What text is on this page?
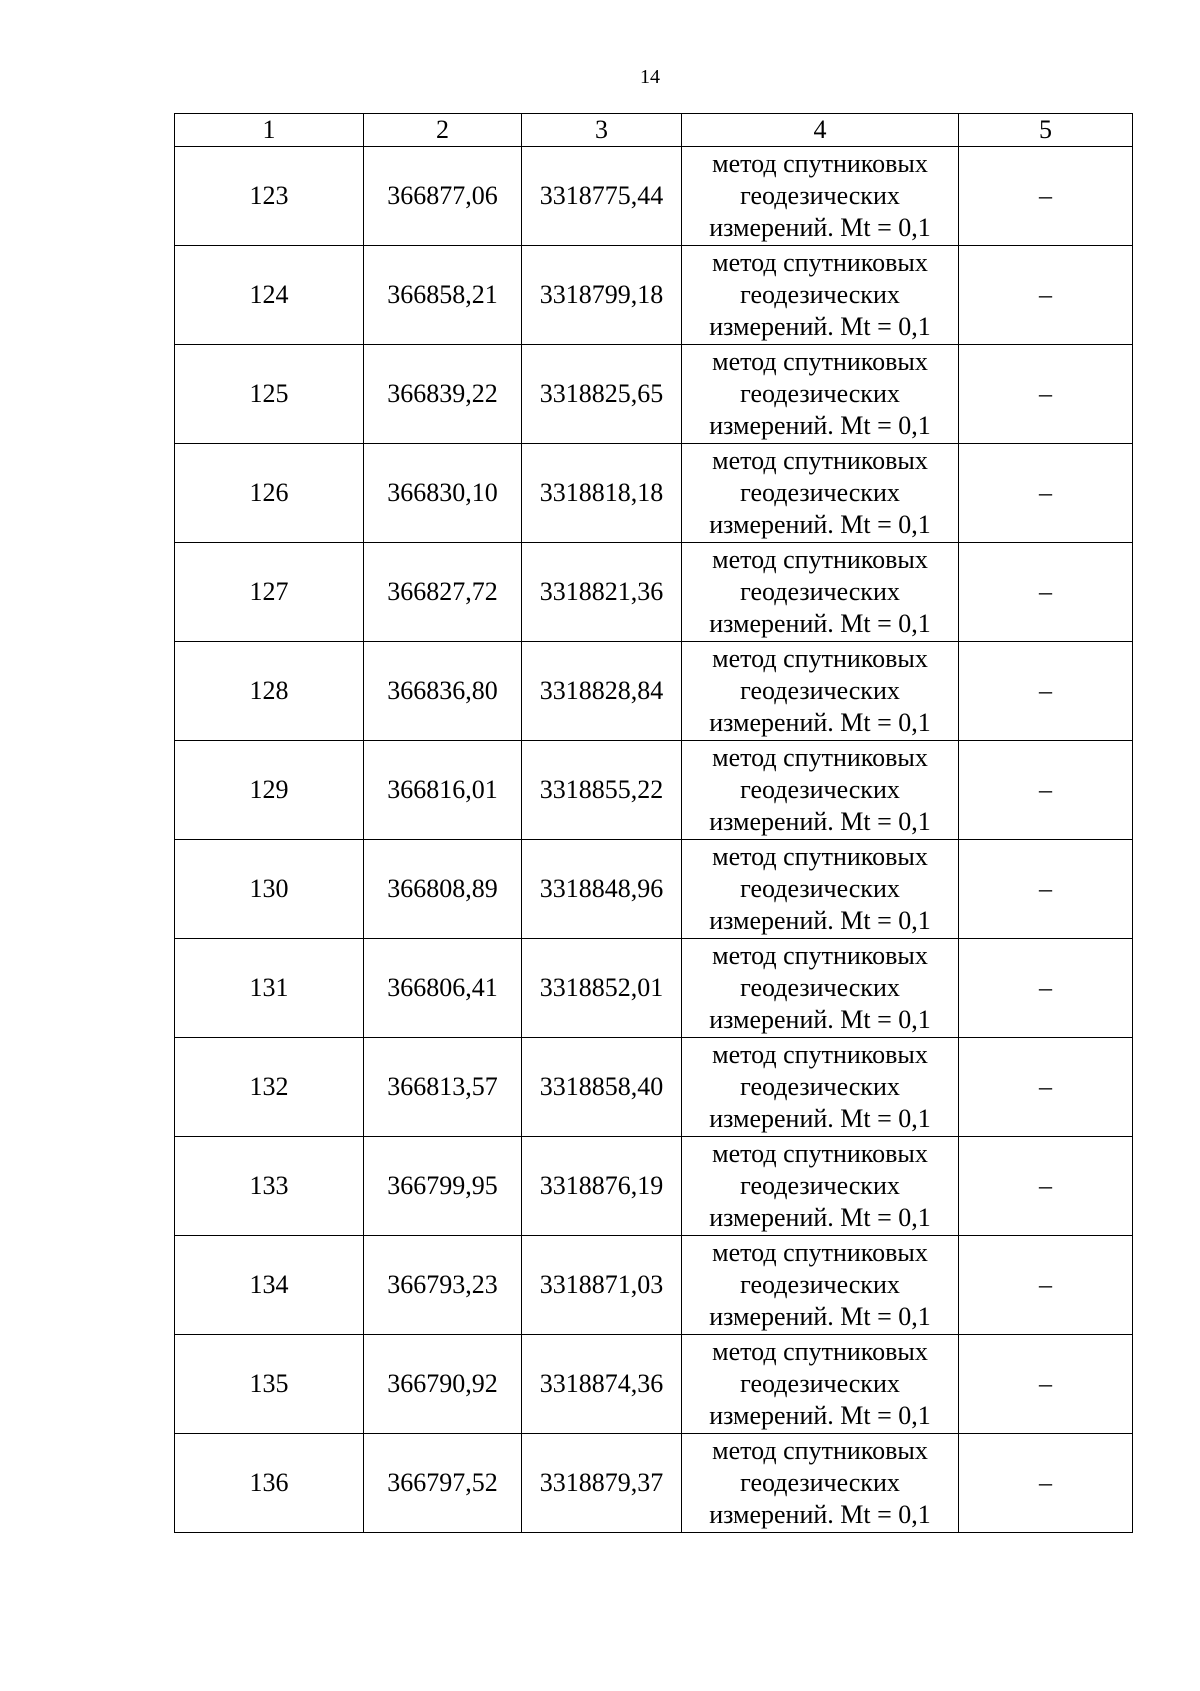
14
1	2	3	4	5
123	366877,06	3318775,44	метод спутниковых
геодезических
измерений. Mt = 0,1	–
124	366858,21	3318799,18	метод спутниковых
геодезических
измерений. Mt = 0,1	–
125	366839,22	3318825,65	метод спутниковых
геодезических
измерений. Mt = 0,1	–
126	366830,10	3318818,18	метод спутниковых
геодезических
измерений. Mt = 0,1	–
127	366827,72	3318821,36	метод спутниковых
геодезических
измерений. Mt = 0,1	–
128	366836,80	3318828,84	метод спутниковых
геодезических
измерений. Mt = 0,1	–
129	366816,01	3318855,22	метод спутниковых
геодезических
измерений. Mt = 0,1	–
130	366808,89	3318848,96	метод спутниковых
геодезических
измерений. Mt = 0,1	–
131	366806,41	3318852,01	метод спутниковых
геодезических
измерений. Mt = 0,1	–
132	366813,57	3318858,40	метод спутниковых
геодезических
измерений. Mt = 0,1	–
133	366799,95	3318876,19	метод спутниковых
геодезических
измерений. Mt = 0,1	–
134	366793,23	3318871,03	метод спутниковых
геодезических
измерений. Mt = 0,1	–
135	366790,92	3318874,36	метод спутниковых
геодезических
измерений. Mt = 0,1	–
136	366797,52	3318879,37	метод спутниковых
геодезических
измерений. Mt = 0,1	–
